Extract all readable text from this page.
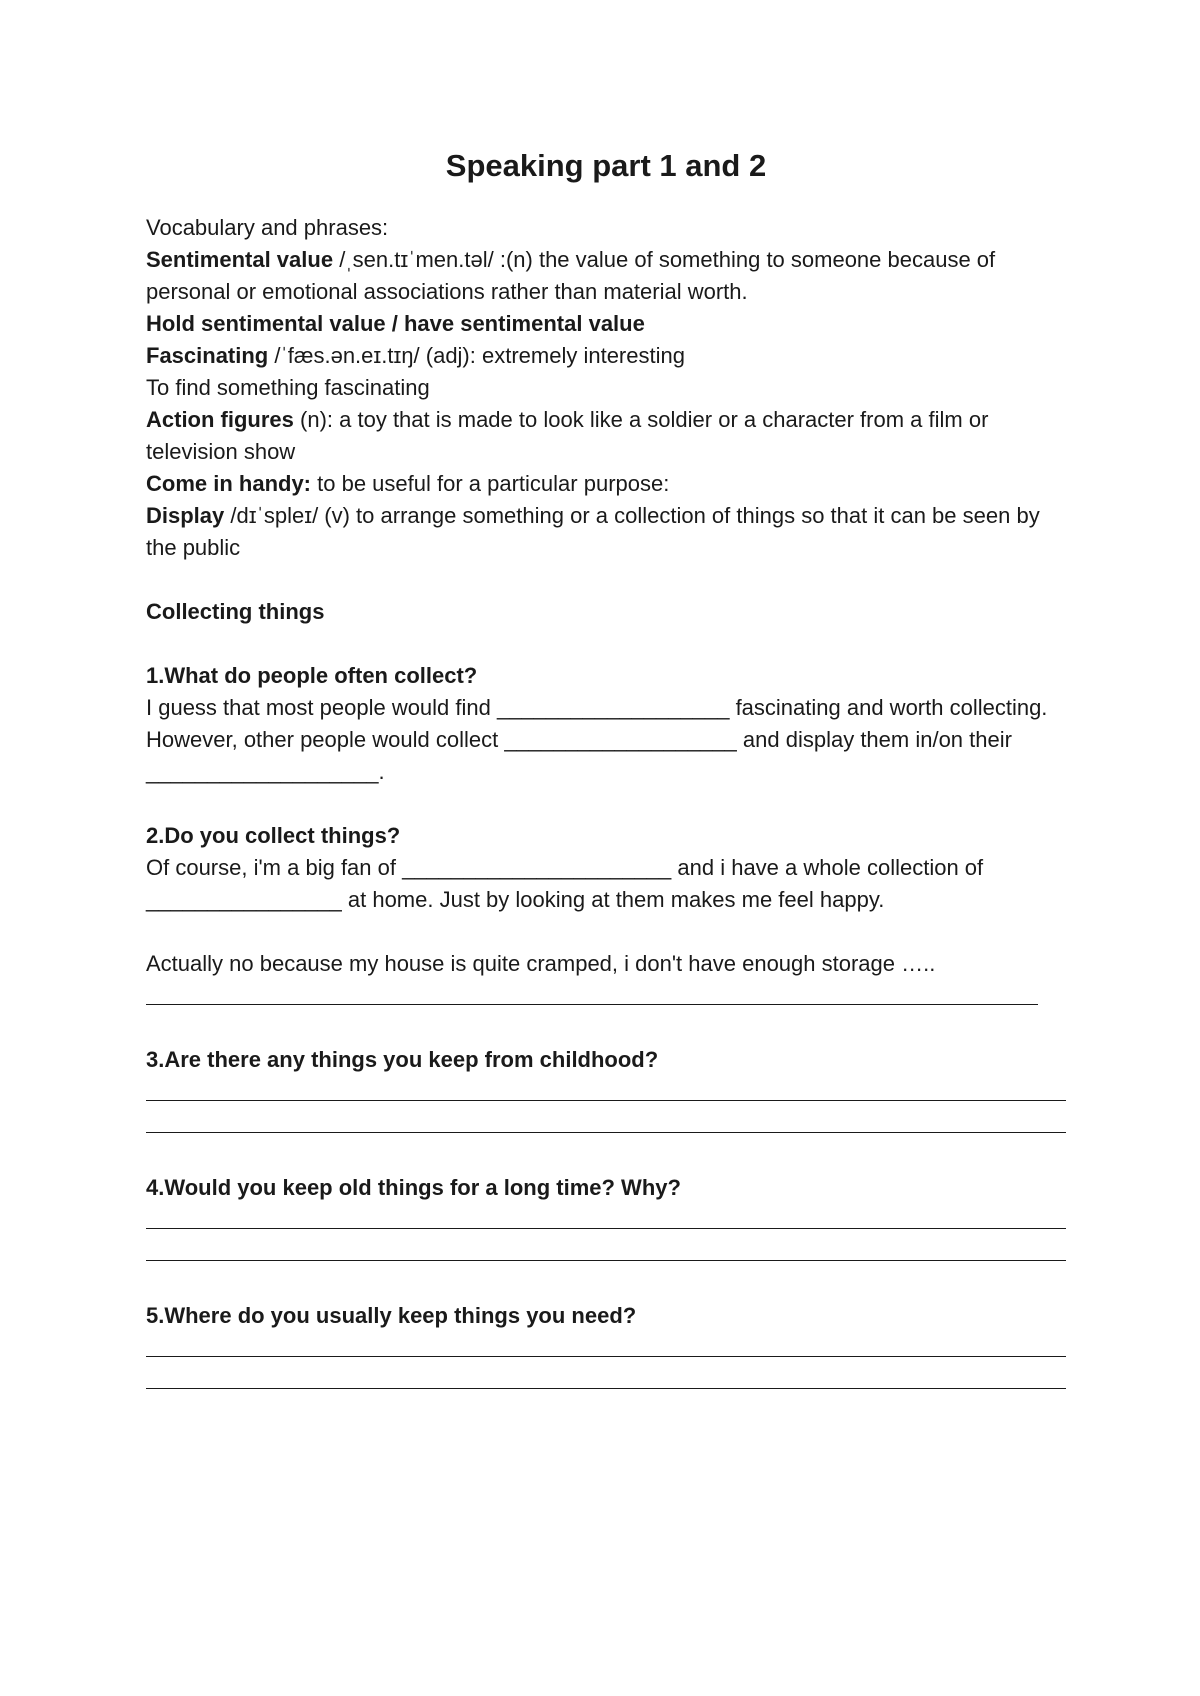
Speaking part 1 and 2
Vocabulary and phrases:
Sentimental value /ˌsen.tɪˈmen.təl/ :(n) the value of something to someone because of personal or emotional associations rather than material worth.
Hold sentimental value / have sentimental value
Fascinating /ˈfæs.ən.eɪ.tɪŋ/ (adj): extremely interesting
To find something fascinating
Action figures (n): a toy that is made to look like a soldier or a character from a film or television show
Come in handy: to be useful for a particular purpose:
Display /dɪˈspleɪ/ (v) to arrange something or a collection of things so that it can be seen by the public
Collecting things
1.What do people often collect?
I guess that most people would find ___________________ fascinating and worth collecting.
However, other people would collect ___________________ and display them in/on their ___________________.
2.Do you collect things?
Of course, i'm a big fan of ______________________ and i have a whole collection of ________________ at home. Just by looking at them makes me feel happy.
Actually no because my house is quite cramped, i don't have enough storage …..
3.Are there any things you keep from childhood?
4.Would you keep old things for a long time? Why?
5.Where do you usually keep things you need?
